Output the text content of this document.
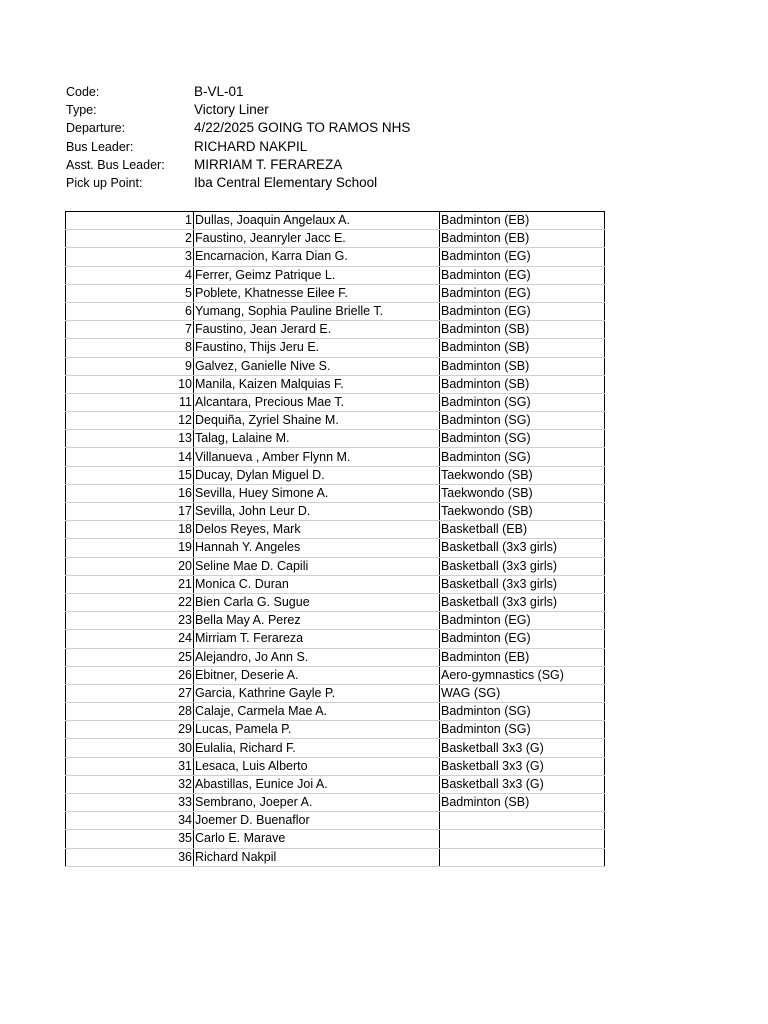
Code:	B-VL-01
Type:	Victory Liner
Departure:	4/22/2025 GOING TO RAMOS NHS
Bus Leader:	RICHARD NAKPIL
Asst. Bus Leader: MIRRIAM T. FERAREZA
Pick up Point:	Iba Central Elementary School
1	Dullas, Joaquin Angelaux A.	Badminton (EB)
2	Faustino, Jeanryler Jacc E.	Badminton (EB)
3	Encarnacion, Karra Dian G.	Badminton (EG)
4	Ferrer, Geimz Patrique L.	Badminton (EG)
5	Poblete, Khatnesse Eilee F.	Badminton (EG)
6	Yumang, Sophia Pauline Brielle T.	Badminton (EG)
7	Faustino, Jean Jerard E.	Badminton (SB)
8	Faustino, Thijs Jeru E.	Badminton (SB)
9	Galvez, Ganielle Nive S.	Badminton (SB)
10	Manila, Kaizen Malquias F.	Badminton (SB)
11	Alcantara, Precious Mae T.	Badminton (SG)
12	Dequiña, Zyriel Shaine M.	Badminton (SG)
13	Talag, Lalaine M.	Badminton (SG)
14	Villanueva , Amber Flynn M.	Badminton (SG)
15	Ducay, Dylan Miguel D.	Taekwondo (SB)
16	Sevilla, Huey Simone A.	Taekwondo (SB)
17	Sevilla, John Leur D.	Taekwondo (SB)
18	Delos Reyes, Mark	Basketball (EB)
19	Hannah Y. Angeles	Basketball (3x3 girls)
20	Seline Mae D. Capili	Basketball (3x3 girls)
21	Monica C. Duran	Basketball (3x3 girls)
22	Bien Carla G. Sugue	Basketball (3x3 girls)
23	Bella May A. Perez	Badminton (EG)
24	Mirriam T. Ferareza	Badminton (EG)
25	Alejandro, Jo Ann S.	Badminton (EB)
26	Ebitner, Deserie A.	Aero-gymnastics (SG)
27	Garcia, Kathrine Gayle P.	WAG (SG)
28	Calaje, Carmela Mae A.	Badminton (SG)
29	Lucas, Pamela P.	Badminton (SG)
30	Eulalia, Richard F.	Basketball 3x3 (G)
31	Lesaca, Luis Alberto	Basketball 3x3 (G)
32	Abastillas, Eunice Joi A.	Basketball 3x3 (G)
33	Sembrano, Joeper A.	Badminton (SB)
34	Joemer D. Buenaflor	
35	Carlo E. Marave	
36	Richard Nakpil	
